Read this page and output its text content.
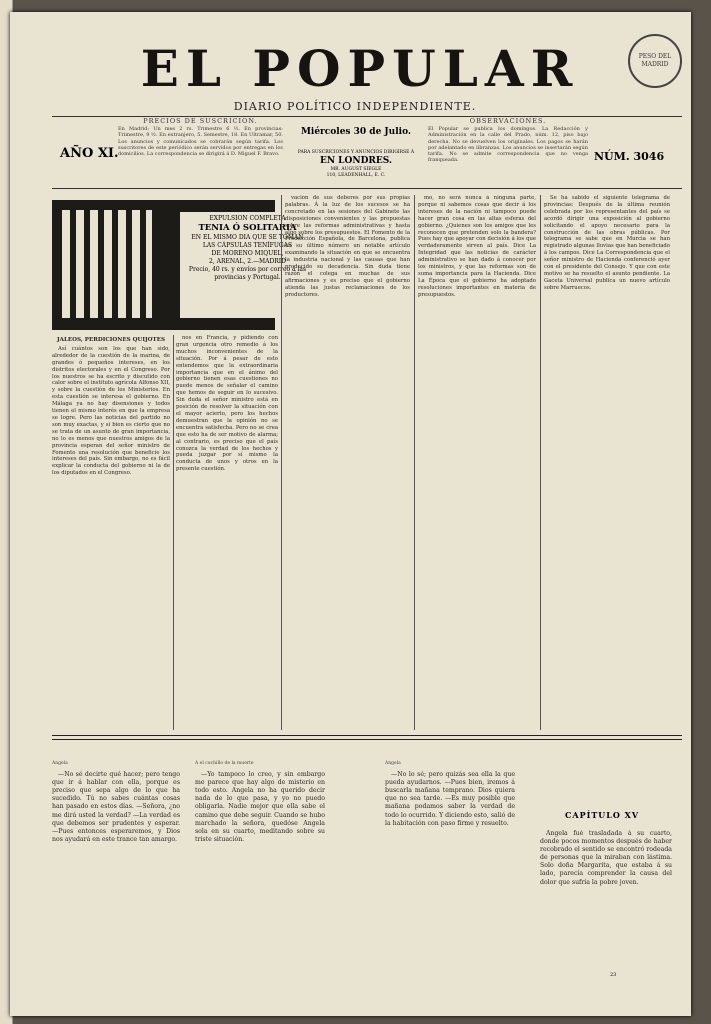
EL POPULAR
DIARIO POLÍTICO INDEPENDIENTE.
PESO DEL MADRID
AÑO XI.
PRECIOS DE SUSCRICION.
En Madrid: Un mes 2 rs. Trimestre 6 ½. En provincias: Trimestre, 9 ½. En extranjero, 5. Semestre, 18. En Ultramar, 50. Los anuncios y comunicados se cobrarán según tarifa. Los suscritores de este periódico serán servidos por entregas en los domicilios. La correspondencia se dirigirá á D. Miguel F. Bravo.
Miércoles 30 de Julio.
PARA SUSCRICIONES Y ANUNCIOS DIRIGIRSE Á
EN LONDRES.
MR. AUGUST SIEGLE
110, LEADENHALL, E. C.
OBSERVACIONES.
El Popular se publica los domingos. La Redacción y Administración en la calle del Prado, núm. 12, piso bajo derecha. No se devuelven los originales. Los pagos se harán por adelantado en libranzas. Los anuncios se insertarán según tarifa. No se admite correspondencia que no venga franqueada.	NÚM. 3046
EXPULSION COMPLETA
TENIA Ó SOLITARIA
EN EL MISMO DIA QUE SE TOMAN
LAS CÁPSULAS TENÍFUGAS
DE MORENO MIQUEL,
2, ARENAL, 2.—MADRID
Precio, 40 rs. y envíos por correo á las provincias y Portugal.
JALEOS, PERDICIONES QUIJOTES

Así cuántos son los que han sido, alrededor de la cuestión de la marina, de grandes ó pequeños intereses, en los distritos electorales y en el Congreso. Por los nuestros se ha escrito y discutido con calor sobre el instituto agrícola Alfonso XII, y sobre la cuestión de los Ministerios. En esta cuestión se interesa el gobierno. En Málaga ya no hay disensiones y todos tienen el mismo interés en que la empresa se logre. Pero las noticias del partido no son muy exactas, y si bien es cierto que no se trata de un asunto de gran importancia, no lo es menos que nuestros amigos de la provincia esperan del señor ministro de Fomento una resolución que beneficie los intereses del país. Sin embargo, no es fácil explicar la conducta del gobierno ni la de los diputados en el Congreso.

nos en Francia, y pidiendo con gran urgencia otro remedio á los muchos inconvenientes de la situación. Por á pesar de esto entendemos que la extraordinaria importancia que en el ánimo del gobierno tienen esas cuestiones no puede menos de señalar el camino que hemos de seguir en lo sucesivo. Sin duda el señor ministro está en posición de resolver la situación con el mayor acierto, pero los hechos demuestran que la opinión no se encuentra satisfecha. Pero no se crea que esto ha de ser motivo de alarma; al contrario, es preciso que el país conozca la verdad de los hechos y pueda juzgar por sí mismo la conducta de unos y otros en la presente cuestión.

vación de sus deberes por sus propias palabras. Á la luz de los sucesos se ha concretado en las sesiones del Gabinete las disposiciones convenientes y las propuestas sobre las reformas administrativas y hasta algo sobre los presupuestos. El Fomento de la Producción Española, de Barcelona, publica en su último número un notable artículo examinando la situación en que se encuentra la industria nacional y las causas que han producido su decadencia. Sin duda tiene razón el colega en muchas de sus afirmaciones y es preciso que el gobierno atienda las justas reclamaciones de los productores.

mo, no será nunca á ninguna parte, porque ni sabemos cosas que decir á los intereses de la nación ni tampoco puede hacer gran cosa en las altas esferas del gobierno. ¿Quienes son los amigos que les reconocen que pretenden solo la bandera? Pues hay que apoyar con decisión á los que verdaderamente sirven al país. Dice La Integridad que las noticias de carácter administrativo se han dado á conocer por los ministros, y que las reformas son de suma importancia para la Hacienda. Dice La Época que el gobierno ha adoptado resoluciones importantes en materia de presupuestos.

Se ha sabido el siguiente telegrama de provincias: Después de la última reunión celebrada por los representantes del país se acordó dirigir una exposición al gobierno solicitando el apoyo necesario para la construcción de las obras públicas. Por telegrama se sabe que en Murcia se han registrado algunas lluvias que han beneficiado á los campos. Dice La Correspondencia que el señor ministro de Hacienda conferenció ayer con el presidente del Consejo. Y que con este motivo se ha resuelto el asunto pendiente. La Gaceta Universal publica un nuevo artículo sobre Marruecos.

Angela

—No sé decirte qué hacer; pero tengo que ir á hablar con ella, porque es preciso que sepa algo de lo que ha sucedido. Tú no sabes cuántas cosas han pasado en estos días. —Señora, ¿no me dirá usted la verdad? —La verdad es que debemos ser prudentes y esperar. —Pues entonces esperaremos, y Dios nos ayudará en este trance tan amargo.

Á el cuchillo de la muerte

—Yo tampoco lo creo, y sin embargo me parece que hay algo de misterio en todo esto. Angela no ha querido decir nada de lo que pasa, y yo no puedo obligarla. Nadie mejor que ella sabe el camino que debe seguir. Cuando se hubo marchado la señora, quedóse Angela sola en su cuarto, meditando sobre su triste situación.

Angela

—No lo sé; pero quizás sea ella la que pueda ayudarnos. —Pues bien, iremos á buscarla mañana temprano. Dios quiera que no sea tarde. —Es muy posible que mañana podamos saber la verdad de todo lo ocurrido. Y diciendo esto, salió de la habitación con paso firme y resuelto.

CAPÍTULO XV

Angela fué trasladada á su cuarto, donde pocos momentos después de haber recobrado el sentido se encontró rodeada de personas que la miraban con lástima. Solo doña Margarita, que estaba á su lado, parecía comprender la causa del dolor que sufría la pobre joven.

23
